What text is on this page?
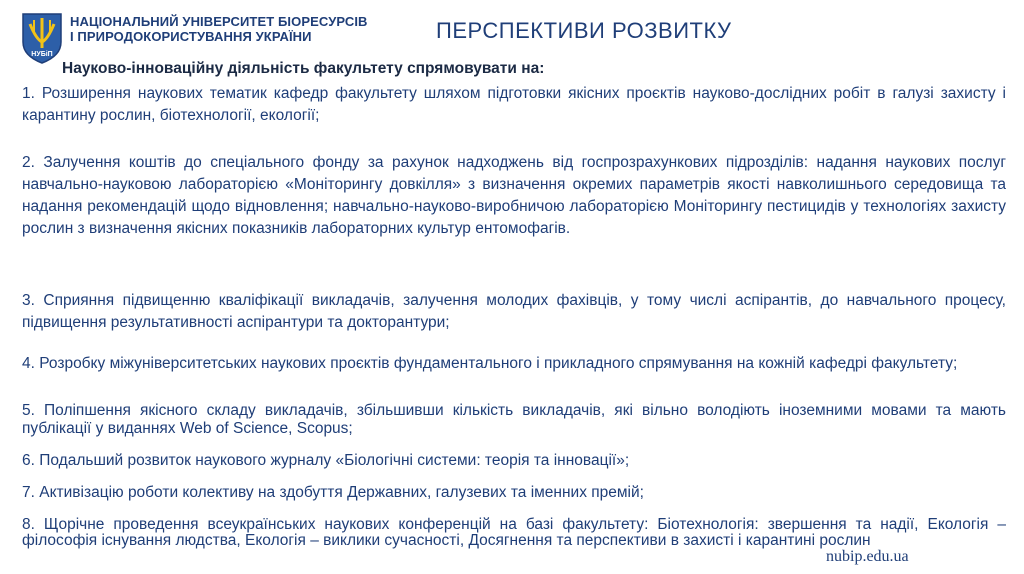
НУБіП
НАЦІОНАЛЬНИЙ УНІВЕРСИТЕТ БІОРЕСУРСІВ
І ПРИРОДОКОРИСТУВАННЯ УКРАЇНИ	ПЕРСПЕКТИВИ РОЗВИТКУ
Науково-інноваційну діяльність факультету спрямовувати на:
1. Розширення наукових тематик кафедр факультету шляхом підготовки якісних проєктів науково-дослідних робіт в галузі захисту і карантину рослин, біотехнології, екології;
2. Залучення коштів до спеціального фонду за рахунок надходжень від госпрозрахункових підрозділів: надання наукових послуг навчально-науковою лабораторією «Моніторингу довкілля» з визначення окремих параметрів якості навколишнього середовища та надання рекомендацій щодо відновлення; навчально-науково-виробничою лабораторією Моніторингу пестицидів у технологіях захисту рослин з визначення якісних показників лабораторних культур ентомофагів.
3. Сприяння підвищенню кваліфікації викладачів, залучення молодих фахівців, у тому числі аспірантів, до навчального процесу, підвищення результативності аспірантури та докторантури;
4. Розробку міжуніверситетських наукових проєктів фундаментального і прикладного спрямування на кожній кафедрі факультету;
5. Поліпшення якісного складу викладачів, збільшивши кількість викладачів, які вільно володіють іноземними мовами та мають публікації у виданнях Web of Science, Scopus;
6. Подальший розвиток наукового журналу «Біологічні системи: теорія та інновації»;
7. Активізацію роботи колективу на здобуття Державних, галузевих та іменних премій;
8. Щорічне проведення всеукраїнських наукових конференцій на базі факультету: Біотехнологія: звершення та надії, Екологія – філософія існування людства, Екологія – виклики сучасності, Досягнення та перспективи в захисті і карантині рослин
nubip.edu.ua
